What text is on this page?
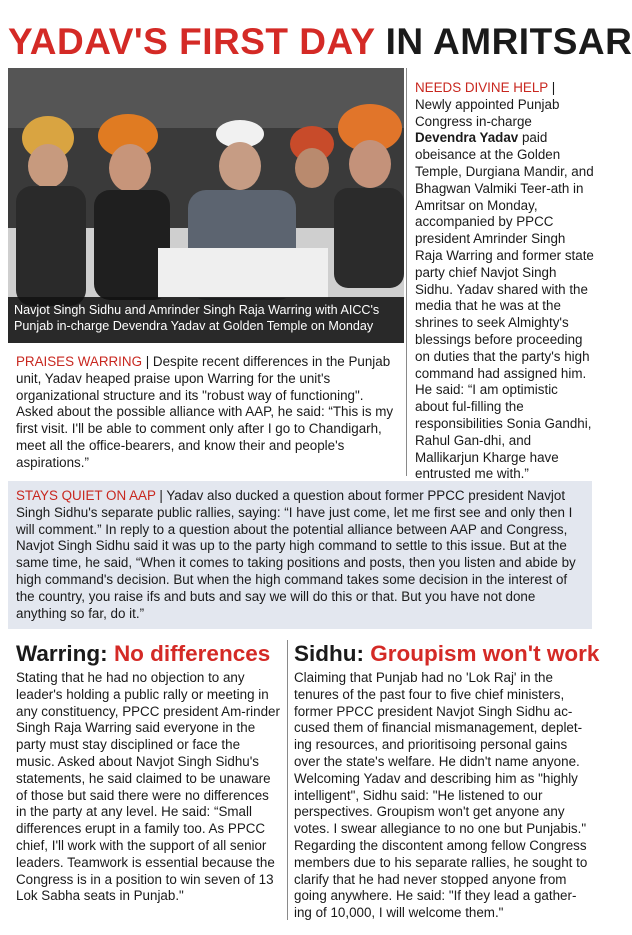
YADAV'S FIRST DAY IN AMRITSAR
Navjot Singh Sidhu and Amrinder Singh Raja Warring with AICC's
Punjab in-charge Devendra Yadav at Golden Temple on Monday
NEEDS DIVINE HELP | Newly appointed Punjab Congress in-charge Devendra Yadav paid obeisance at the Golden Temple, Durgiana Mandir, and Bhagwan Valmiki Teer-ath in Amritsar on Monday, accompanied by PPCC president Amrinder Singh Raja Warring and former state party chief Navjot Singh Sidhu. Yadav shared with the media that he was at the shrines to seek Almighty's blessings before proceeding on duties that the party's high command had assigned him. He said: “I am optimistic about ful-filling the responsibilities Sonia Gandhi, Rahul Gan-dhi, and Mallikarjun Kharge have entrusted me with.”
PRAISES WARRING | Despite recent differences in the Punjab unit, Yadav heaped praise upon Warring for the unit's organizational structure and its "robust way of functioning". Asked about the possible alliance with AAP, he said: “This is my first visit. I'll be able to comment only after I go to Chandigarh, meet all the office-bearers, and know their and people's aspirations.”
STAYS QUIET ON AAP | Yadav also ducked a question about former PPCC president Navjot Singh Sidhu's separate public rallies, saying: “I have just come, let me first see and only then I will comment.” In reply to a question about the potential alliance between AAP and Congress, Navjot Singh Sidhu said it was up to the party high command to settle to this issue. But at the same time, he said, “When it comes to taking positions and posts, then you listen and abide by high command's decision. But when the high command takes some decision in the interest of the country, you raise ifs and buts and say we will do this or that. But you have not done anything so far, do it.”
Warring: No differences
Stating that he had no objection to any leader's holding a public rally or meeting in any constituency, PPCC president Am-rinder Singh Raja Warring said everyone in the party must stay disciplined or face the music. Asked about Navjot Singh Sidhu's statements, he said claimed to be unaware of those but said there were no differences in the party at any level. He said: “Small differences erupt in a family too. As PPCC chief, I'll work with the support of all senior leaders. Teamwork is essential because the Congress is in a position to win seven of 13 Lok Sabha seats in Punjab."
Sidhu: Groupism won't work
Claiming that Punjab had no 'Lok Raj' in the tenures of the past four to five chief ministers, former PPCC president Navjot Singh Sidhu ac-cused them of financial mismanagement, deplet-ing resources, and prioritisoing personal gains over the state's welfare. He didn't name anyone. Welcoming Yadav and describing him as "highly intelligent", Sidhu said: "He listened to our perspectives. Groupism won't get anyone any votes. I swear allegiance to no one but Punjabis." Regarding the discontent among fellow Congress members due to his separate rallies, he sought to clarify that he had never stopped anyone from going anywhere. He said: "If they lead a gather-ing of 10,000, I will welcome them."
